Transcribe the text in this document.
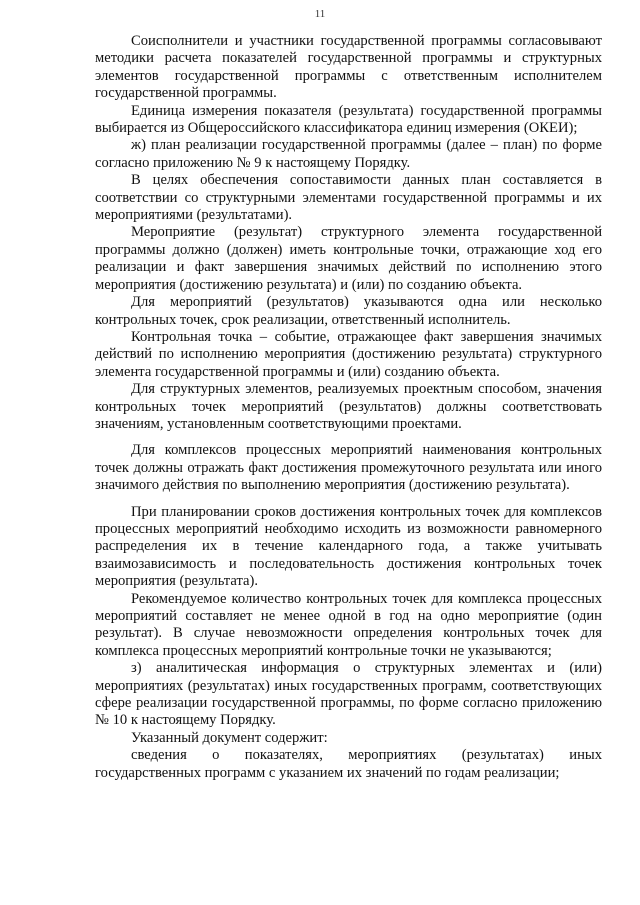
11

Соисполнители и участники государственной программы согласовывают методики расчета показателей государственной программы и структурных элементов государственной программы с ответственным исполнителем государственной программы.

Единица измерения показателя (результата) государственной программы выбирается из Общероссийского классификатора единиц измерения (ОКЕИ);

ж) план реализации государственной программы (далее – план) по форме согласно приложению № 9 к настоящему Порядку.

В целях обеспечения сопоставимости данных план составляется в соответствии со структурными элементами государственной программы и их мероприятиями (результатами).

Мероприятие (результат) структурного элемента государственной программы должно (должен) иметь контрольные точки, отражающие ход его реализации и факт завершения значимых действий по исполнению этого мероприятия (достижению результата) и (или) по созданию объекта.

Для мероприятий (результатов) указываются одна или несколько контрольных точек, срок реализации, ответственный исполнитель.

Контрольная точка – событие, отражающее факт завершения значимых действий по исполнению мероприятия (достижению результата) структурного элемента государственной программы и (или) созданию объекта.

Для структурных элементов, реализуемых проектным способом, значения контрольных точек мероприятий (результатов) должны соответствовать значениям, установленным соответствующими проектами.

Для комплексов процессных мероприятий наименования контрольных точек должны отражать факт достижения промежуточного результата или иного значимого действия по выполнению мероприятия (достижению результата).

При планировании сроков достижения контрольных точек для комплексов процессных мероприятий необходимо исходить из возможности равномерного распределения их в течение календарного года, а также учитывать взаимозависимость и последовательность достижения контрольных точек мероприятия (результата).

Рекомендуемое количество контрольных точек для комплекса процессных мероприятий составляет не менее одной в год на одно мероприятие (один результат). В случае невозможности определения контрольных точек для комплекса процессных мероприятий контрольные точки не указываются;

з) аналитическая информация о структурных элементах и (или) мероприятиях (результатах) иных государственных программ, соответствующих сфере реализации государственной программы, по форме согласно приложению № 10 к настоящему Порядку.

Указанный документ содержит:

сведения о показателях, мероприятиях (результатах) иных государственных программ с указанием их значений по годам реализации;
